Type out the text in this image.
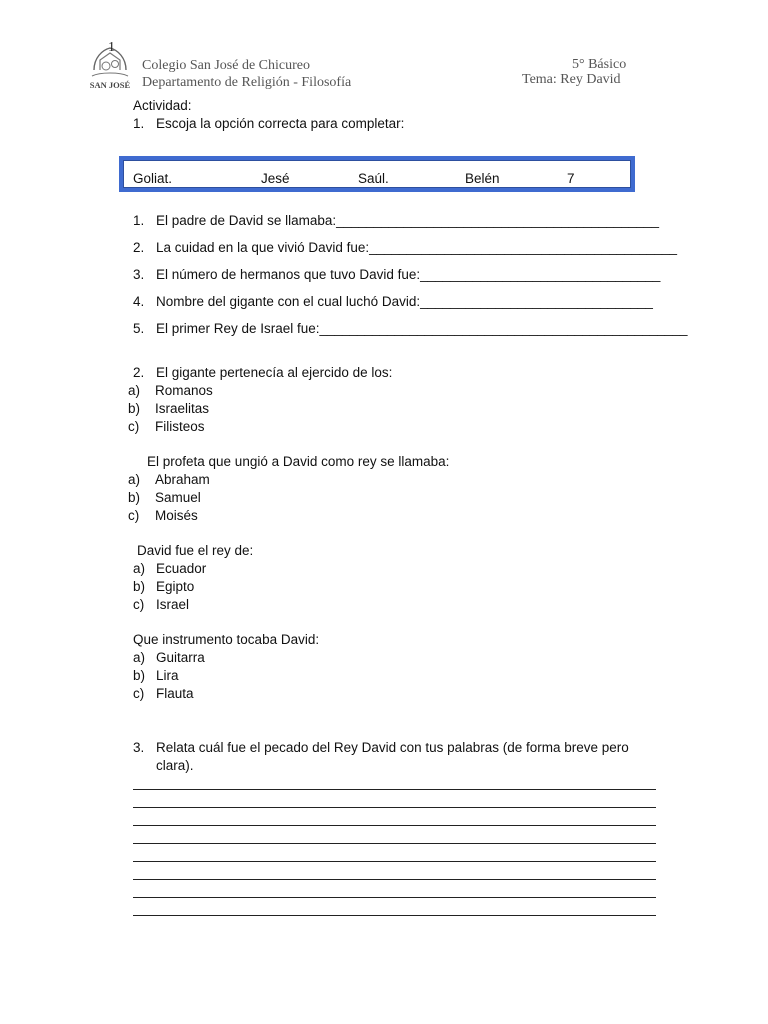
SAN JOSÉ
1
Colegio San José de Chicureo
Departamento de Religión - Filosofía
5° Básico
Tema: Rey David
Actividad:
1. Escoja la opción correcta para completar:
Goliat.	Jesé	Saúl.	Belén	7
1. El padre de David se llamaba:___________________________________________
2. La cuidad en la que vivió David fue:_________________________________________
3. El número de hermanos que tuvo David fue:________________________________
4. Nombre del gigante con el cual luchó David:_______________________________
5. El primer Rey de Israel fue:_________________________________________________
2. El gigante pertenecía al ejercido de los:
a) Romanos
b) Israelitas
c) Filisteos
El profeta que ungió a David como rey se llamaba:
a) Abraham
b) Samuel
c) Moisés
David fue el rey de:
a) Ecuador
b) Egipto
c) Israel
Que instrumento tocaba David:
a) Guitarra
b) Lira
c) Flauta
3. Relata cuál fue el pecado del Rey David con tus palabras (de forma breve pero
clara).
